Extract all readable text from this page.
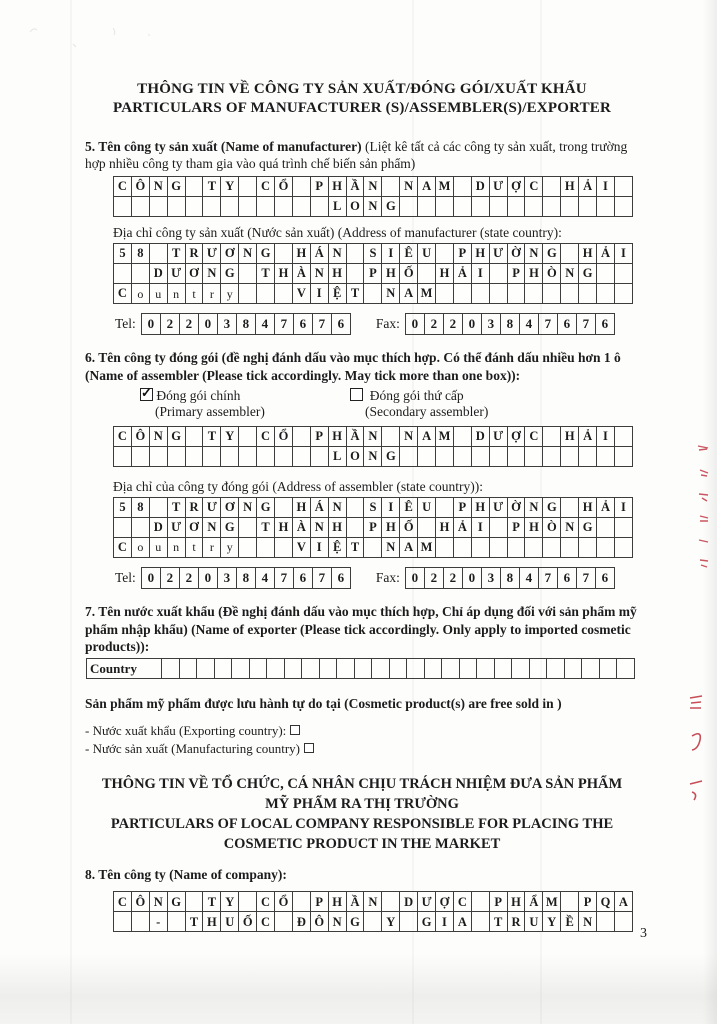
THÔNG TIN VỀ CÔNG TY SẢN XUẤT/ĐÓNG GÓI/XUẤT KHẨU
PARTICULARS OF MANUFACTURER (S)/ASSEMBLER(S)/EXPORTER
5. Tên công ty sản xuất (Name of manufacturer) (Liệt kê tất cả các công ty sản xuất, trong trường hợp nhiều công ty tham gia vào quá trình chế biến sản phẩm)
C Ô N G	T Y	C Ổ	P H Ầ N	N A M	D Ư Ợ C	H Ả I
L O N G
Địa chỉ công ty sản xuất (Nước sản xuất) (Address of manufacturer (state country):
5 8	T R Ư Ơ N G	H Á N	S I Ê U	P H Ư Ờ N G	H Ả I
D Ư Ơ N G	T H À N H	P H Ố	H Ả I	P H Ò N G
C o u n	t	r	y	V I Ệ T	N A M
Tel: 0 2 2 0 3 8 4 7 6 7 6	Fax: 0 2 2 0 3 8 4 7 6 7 6
6. Tên công ty đóng gói (đề nghị đánh dấu vào mục thích hợp. Có thể đánh dấu nhiều hơn 1 ô (Name of assembler (Please tick accordingly. May tick more than one box)):
✓ Đóng gói chính
(Primary assembler)
Đóng gói thứ cấp
(Secondary assembler)
C Ô N G	T Y	C Ổ	P H Ầ N	N A M	D Ư Ợ C	H Ả I
L O N G
Địa chỉ của công ty đóng gói (Address of assembler (state country)):
5 8	T R Ư Ơ N G	H Á N	S I Ê U	P H Ư Ờ N G	H Ả I
D Ư Ơ N G	T H À N H	P H Ố	H Ả I	P H Ò N G
C o u n	t	r	y	V I Ệ T	N A M
Tel: 0 2 2 0 3 8 4 7 6 7 6	Fax: 0 2 2 0 3 8 4 7 6 7 6
7. Tên nước xuất khẩu (Đề nghị đánh dấu vào mục thích hợp, Chỉ áp dụng đối với sản phẩm mỹ phẩm nhập khẩu) (Name of exporter (Please tick accordingly. Only apply to imported cosmetic products)):
Country
Sản phẩm mỹ phẩm được lưu hành tự do tại (Cosmetic product(s) are free sold in )
- Nước xuất khẩu (Exporting country):
- Nước sản xuất (Manufacturing country)
THÔNG TIN VỀ TỔ CHỨC, CÁ NHÂN CHỊU TRÁCH NHIỆM ĐƯA SẢN PHẨM
MỸ PHẨM RA THỊ TRƯỜNG
PARTICULARS OF LOCAL COMPANY RESPONSIBLE FOR PLACING THE
COSMETIC PRODUCT IN THE MARKET
8. Tên công ty (Name of company):
C Ô N G	T Y	C Ổ	P H Ầ N	D Ư Ợ C	P H Ẩ M	P Q A
-	T H U Ố C	Đ Ô N G	Y	G I A	T R U Y Ề N
3
